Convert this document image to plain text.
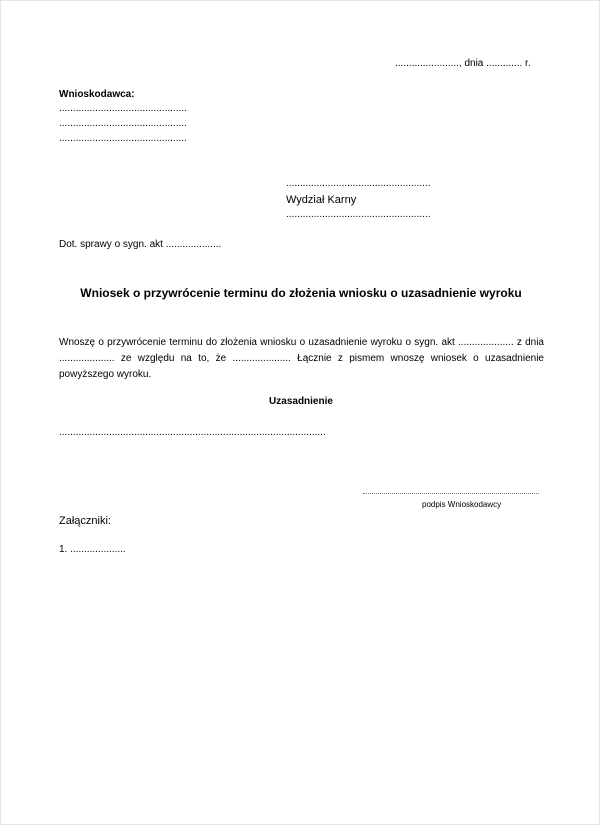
......................., dnia ............. r.
Wnioskodawca:
..............................................
..............................................
..............................................
....................................................
Wydział Karny
....................................................
Dot. sprawy o sygn. akt ....................
Wniosek o przywrócenie terminu do złożenia wniosku o uzasadnienie wyroku
Wnoszę o przywrócenie terminu do złożenia wniosku o uzasadnienie wyroku o sygn. akt .................... z dnia .................... ze względu na to, że ..................... Łącznie z pismem wnoszę wniosek o uzasadnienie powyższego wyroku.
Uzasadnienie
................................................................................................
podpis Wnioskodawcy
Załączniki:
1. ....................
